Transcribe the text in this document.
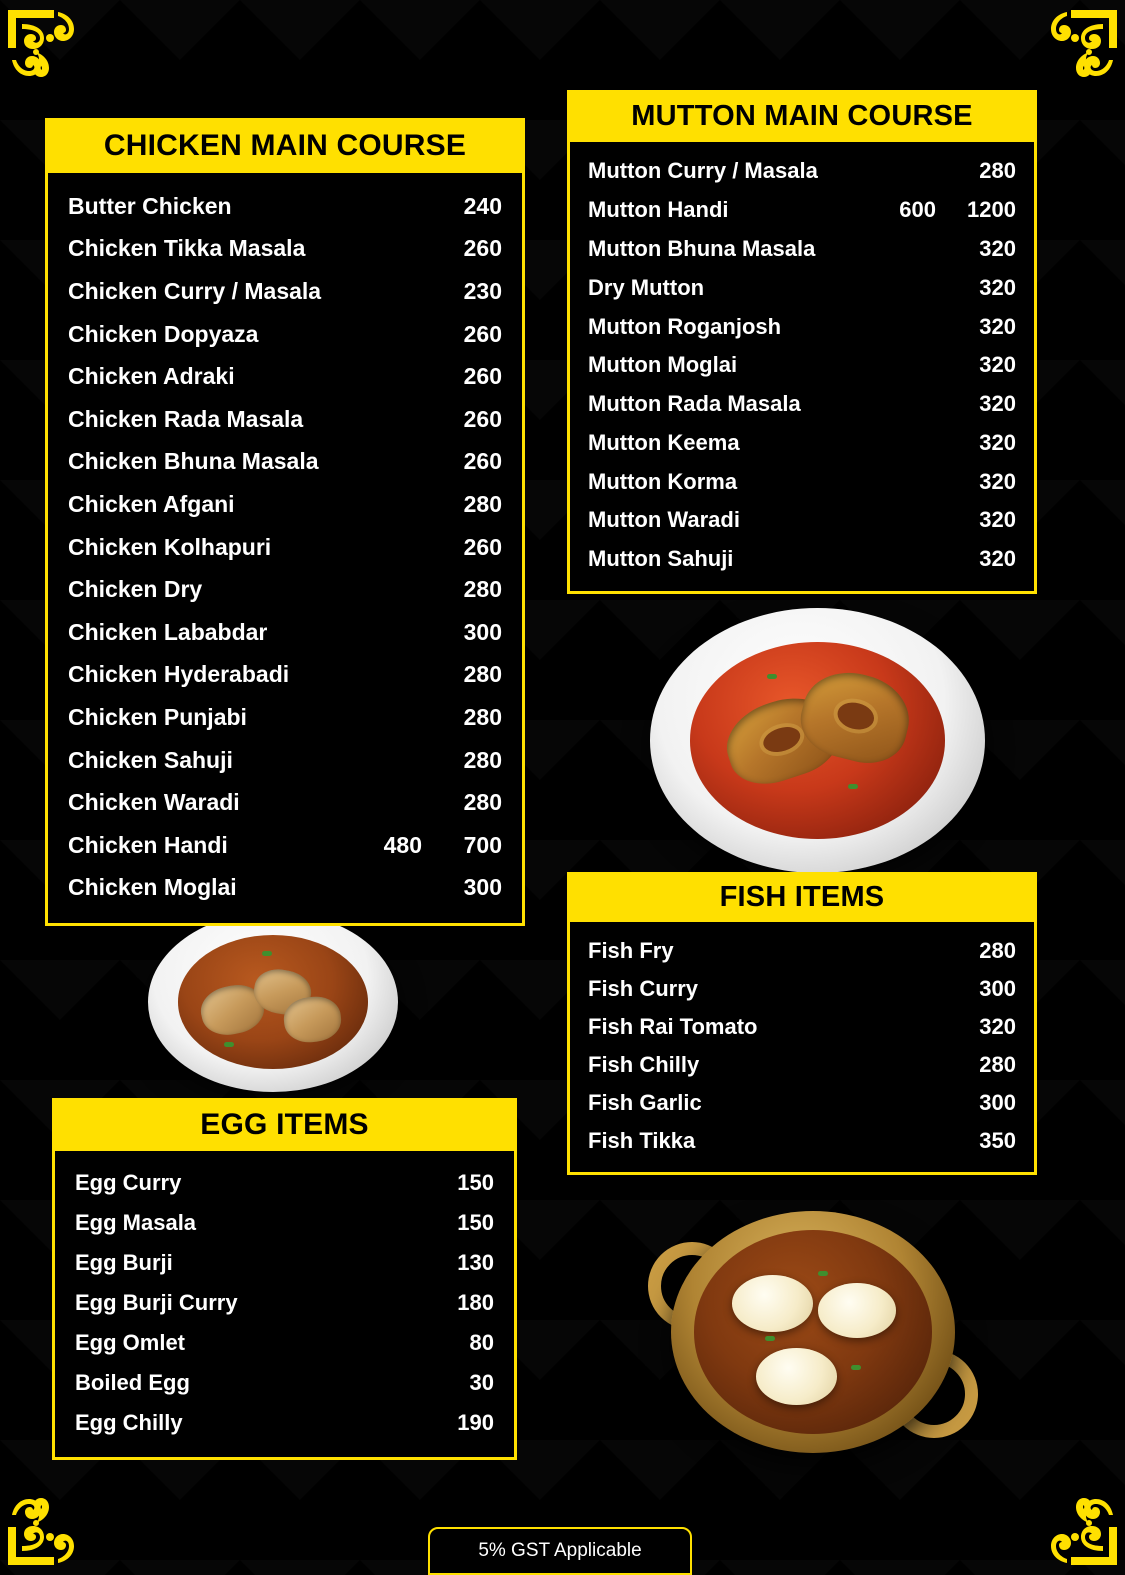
CHICKEN MAIN COURSE
Butter Chicken	240
Chicken Tikka Masala	260
Chicken Curry / Masala	230
Chicken Dopyaza	260
Chicken Adraki	260
Chicken Rada Masala	260
Chicken Bhuna Masala	260
Chicken Afgani	280
Chicken Kolhapuri	260
Chicken Dry	280
Chicken Lababdar	300
Chicken Hyderabadi	280
Chicken Punjabi	280
Chicken Sahuji	280
Chicken Waradi	280
Chicken Handi	480	700
Chicken Moglai	300
MUTTON MAIN COURSE
Mutton Curry / Masala	280
Mutton Handi	600	1200
Mutton Bhuna Masala	320
Dry Mutton	320
Mutton Roganjosh	320
Mutton Moglai	320
Mutton Rada Masala	320
Mutton Keema	320
Mutton Korma	320
Mutton Waradi	320
Mutton Sahuji	320
FISH ITEMS
Fish Fry	280
Fish Curry	300
Fish Rai Tomato	320
Fish Chilly	280
Fish Garlic	300
Fish Tikka	350
EGG ITEMS
Egg Curry	150
Egg Masala	150
Egg Burji	130
Egg Burji Curry	180
Egg Omlet	80
Boiled Egg	30
Egg Chilly	190
5% GST Applicable
